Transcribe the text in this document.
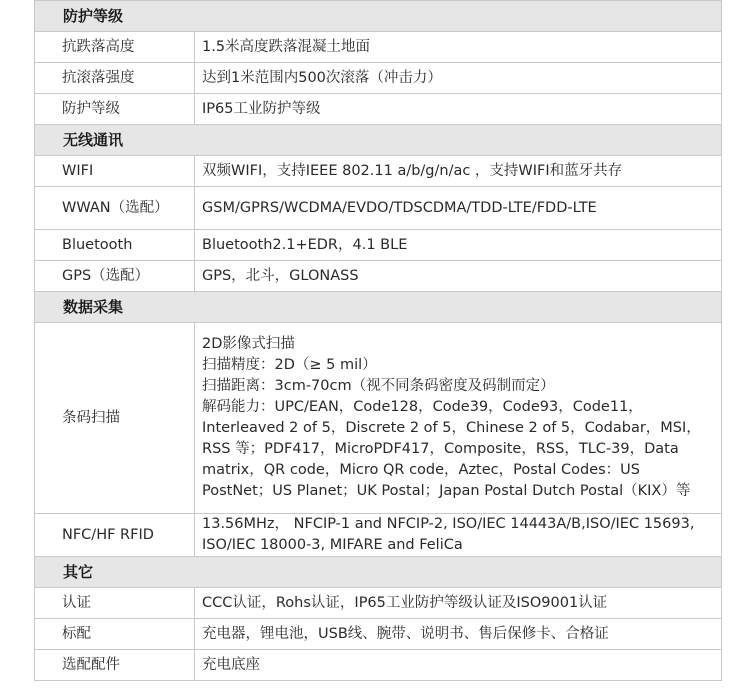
防护等级	
抗跌落高度	1.5米高度跌落混凝土地面
抗滚落强度	达到1米范围内500次滚落（冲击力）
防护等级	IP65工业防护等级
无线通讯	
WIFI	双频WIFI，支持IEEE 802.11 a/b/g/n/ac ，支持WIFI和蓝牙共存
WWAN（选配）	GSM/GPRS/WCDMA/EVDO/TDSCDMA/TDD-LTE/FDD-LTE
Bluetooth	Bluetooth2.1+EDR，4.1 BLE
GPS（选配）	GPS，北斗，GLONASS
数据采集	
条码扫描	2D影像式扫描
扫描精度：2D（≥ 5 mil）
扫描距离：3cm-70cm（视不同条码密度及码制而定）
解码能力：UPC/EAN，Code128，Code39，Code93，Code11，Interleaved 2 of 5，Discrete 2 of 5，Chinese 2 of 5，Codabar，MSI，RSS 等；PDF417，MicroPDF417，Composite，RSS，TLC-39，Data matrix，QR code，Micro QR code，Aztec，Postal Codes：US PostNet；US Planet；UK Postal；Japan Postal Dutch Postal（KIX）等
NFC/HF RFID	13.56MHz， NFCIP-1 and NFCIP-2, ISO/IEC 14443A/B,ISO/IEC 15693, ISO/IEC 18000-3, MIFARE and FeliCa
其它	
认证	CCC认证，Rohs认证，IP65工业防护等级认证及ISO9001认证
标配	充电器，锂电池，USB线、腕带、说明书、售后保修卡、合格证
选配配件	充电底座
